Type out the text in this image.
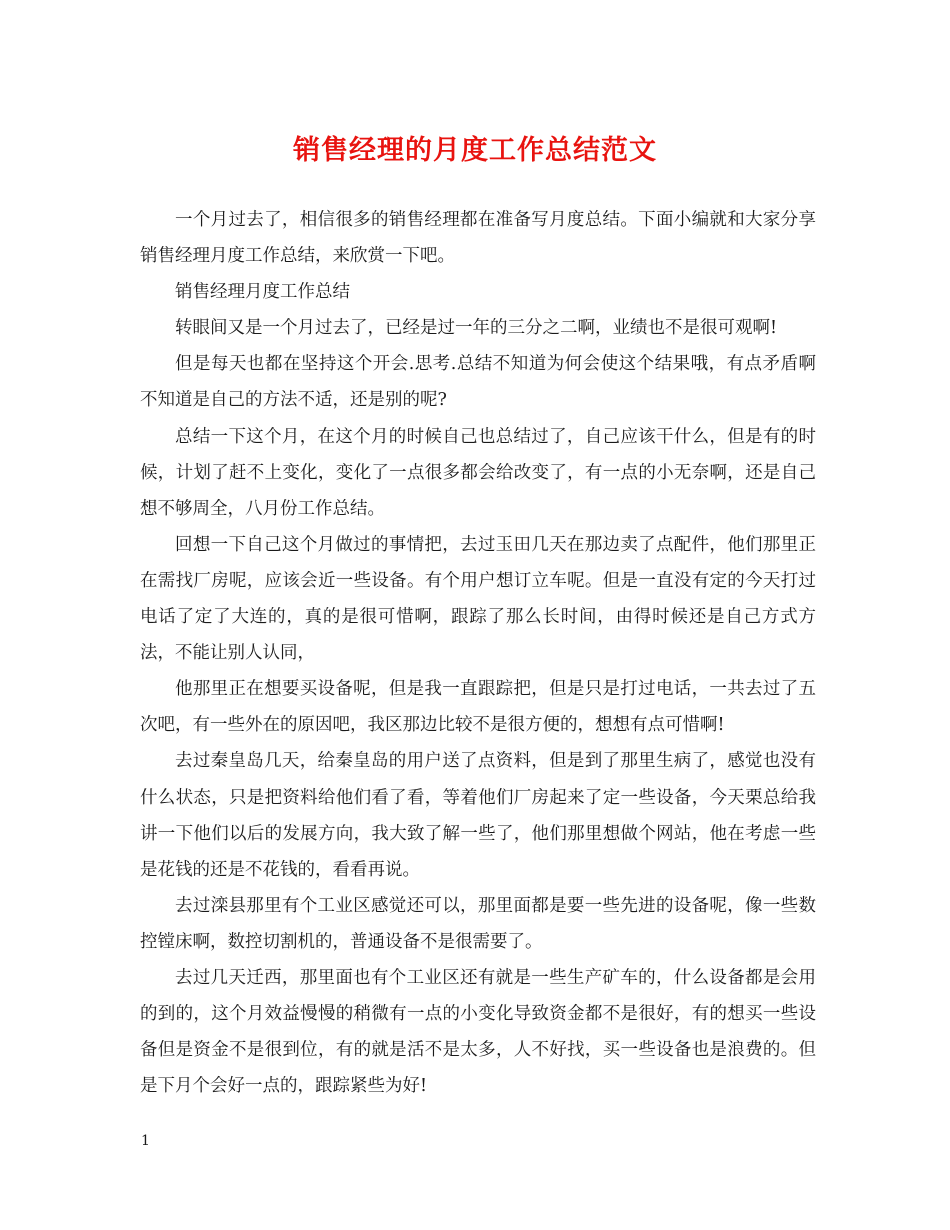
销售经理的月度工作总结范文

一个月过去了，相信很多的销售经理都在准备写月度总结。下面小编就和大家分享销售经理月度工作总结，来欣赏一下吧。

销售经理月度工作总结

转眼间又是一个月过去了，已经是过一年的三分之二啊，业绩也不是很可观啊!

但是每天也都在坚持这个开会.思考.总结不知道为何会使这个结果哦，有点矛盾啊不知道是自己的方法不适，还是别的呢?

总结一下这个月，在这个月的时候自己也总结过了，自己应该干什么，但是有的时候，计划了赶不上变化，变化了一点很多都会给改变了，有一点的小无奈啊，还是自己想不够周全，八月份工作总结。

回想一下自己这个月做过的事情把，去过玉田几天在那边卖了点配件，他们那里正在需找厂房呢，应该会近一些设备。有个用户想订立车呢。但是一直没有定的今天打过电话了定了大连的，真的是很可惜啊，跟踪了那么长时间，由得时候还是自己方式方法，不能让别人认同，

他那里正在想要买设备呢，但是我一直跟踪把，但是只是打过电话，一共去过了五次吧，有一些外在的原因吧，我区那边比较不是很方便的，想想有点可惜啊!

去过秦皇岛几天，给秦皇岛的用户送了点资料，但是到了那里生病了，感觉也没有什么状态，只是把资料给他们看了看，等着他们厂房起来了定一些设备，今天栗总给我讲一下他们以后的发展方向，我大致了解一些了，他们那里想做个网站，他在考虑一些是花钱的还是不花钱的，看看再说。

去过滦县那里有个工业区感觉还可以，那里面都是要一些先进的设备呢，像一些数控镗床啊，数控切割机的，普通设备不是很需要了。

去过几天迁西，那里面也有个工业区还有就是一些生产矿车的，什么设备都是会用的到的，这个月效益慢慢的稍微有一点的小变化导致资金都不是很好，有的想买一些设备但是资金不是很到位，有的就是活不是太多，人不好找，买一些设备也是浪费的。但是下月个会好一点的，跟踪紧些为好!

1
